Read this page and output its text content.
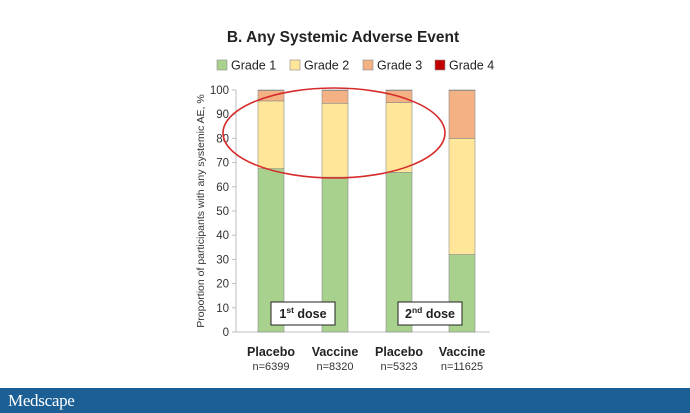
B. Any Systemic Adverse Event
Grade 1 Grade 2 Grade 3 Grade 4
0
10
20
30
40
50
60
70
80
90
100
Proportion of participants with any systemic AE, %
Placebo
n=6399
Vaccine
n=8320
Placebo
n=5323
Vaccine
n=11625
1st dose	2nd dose
Medscape
